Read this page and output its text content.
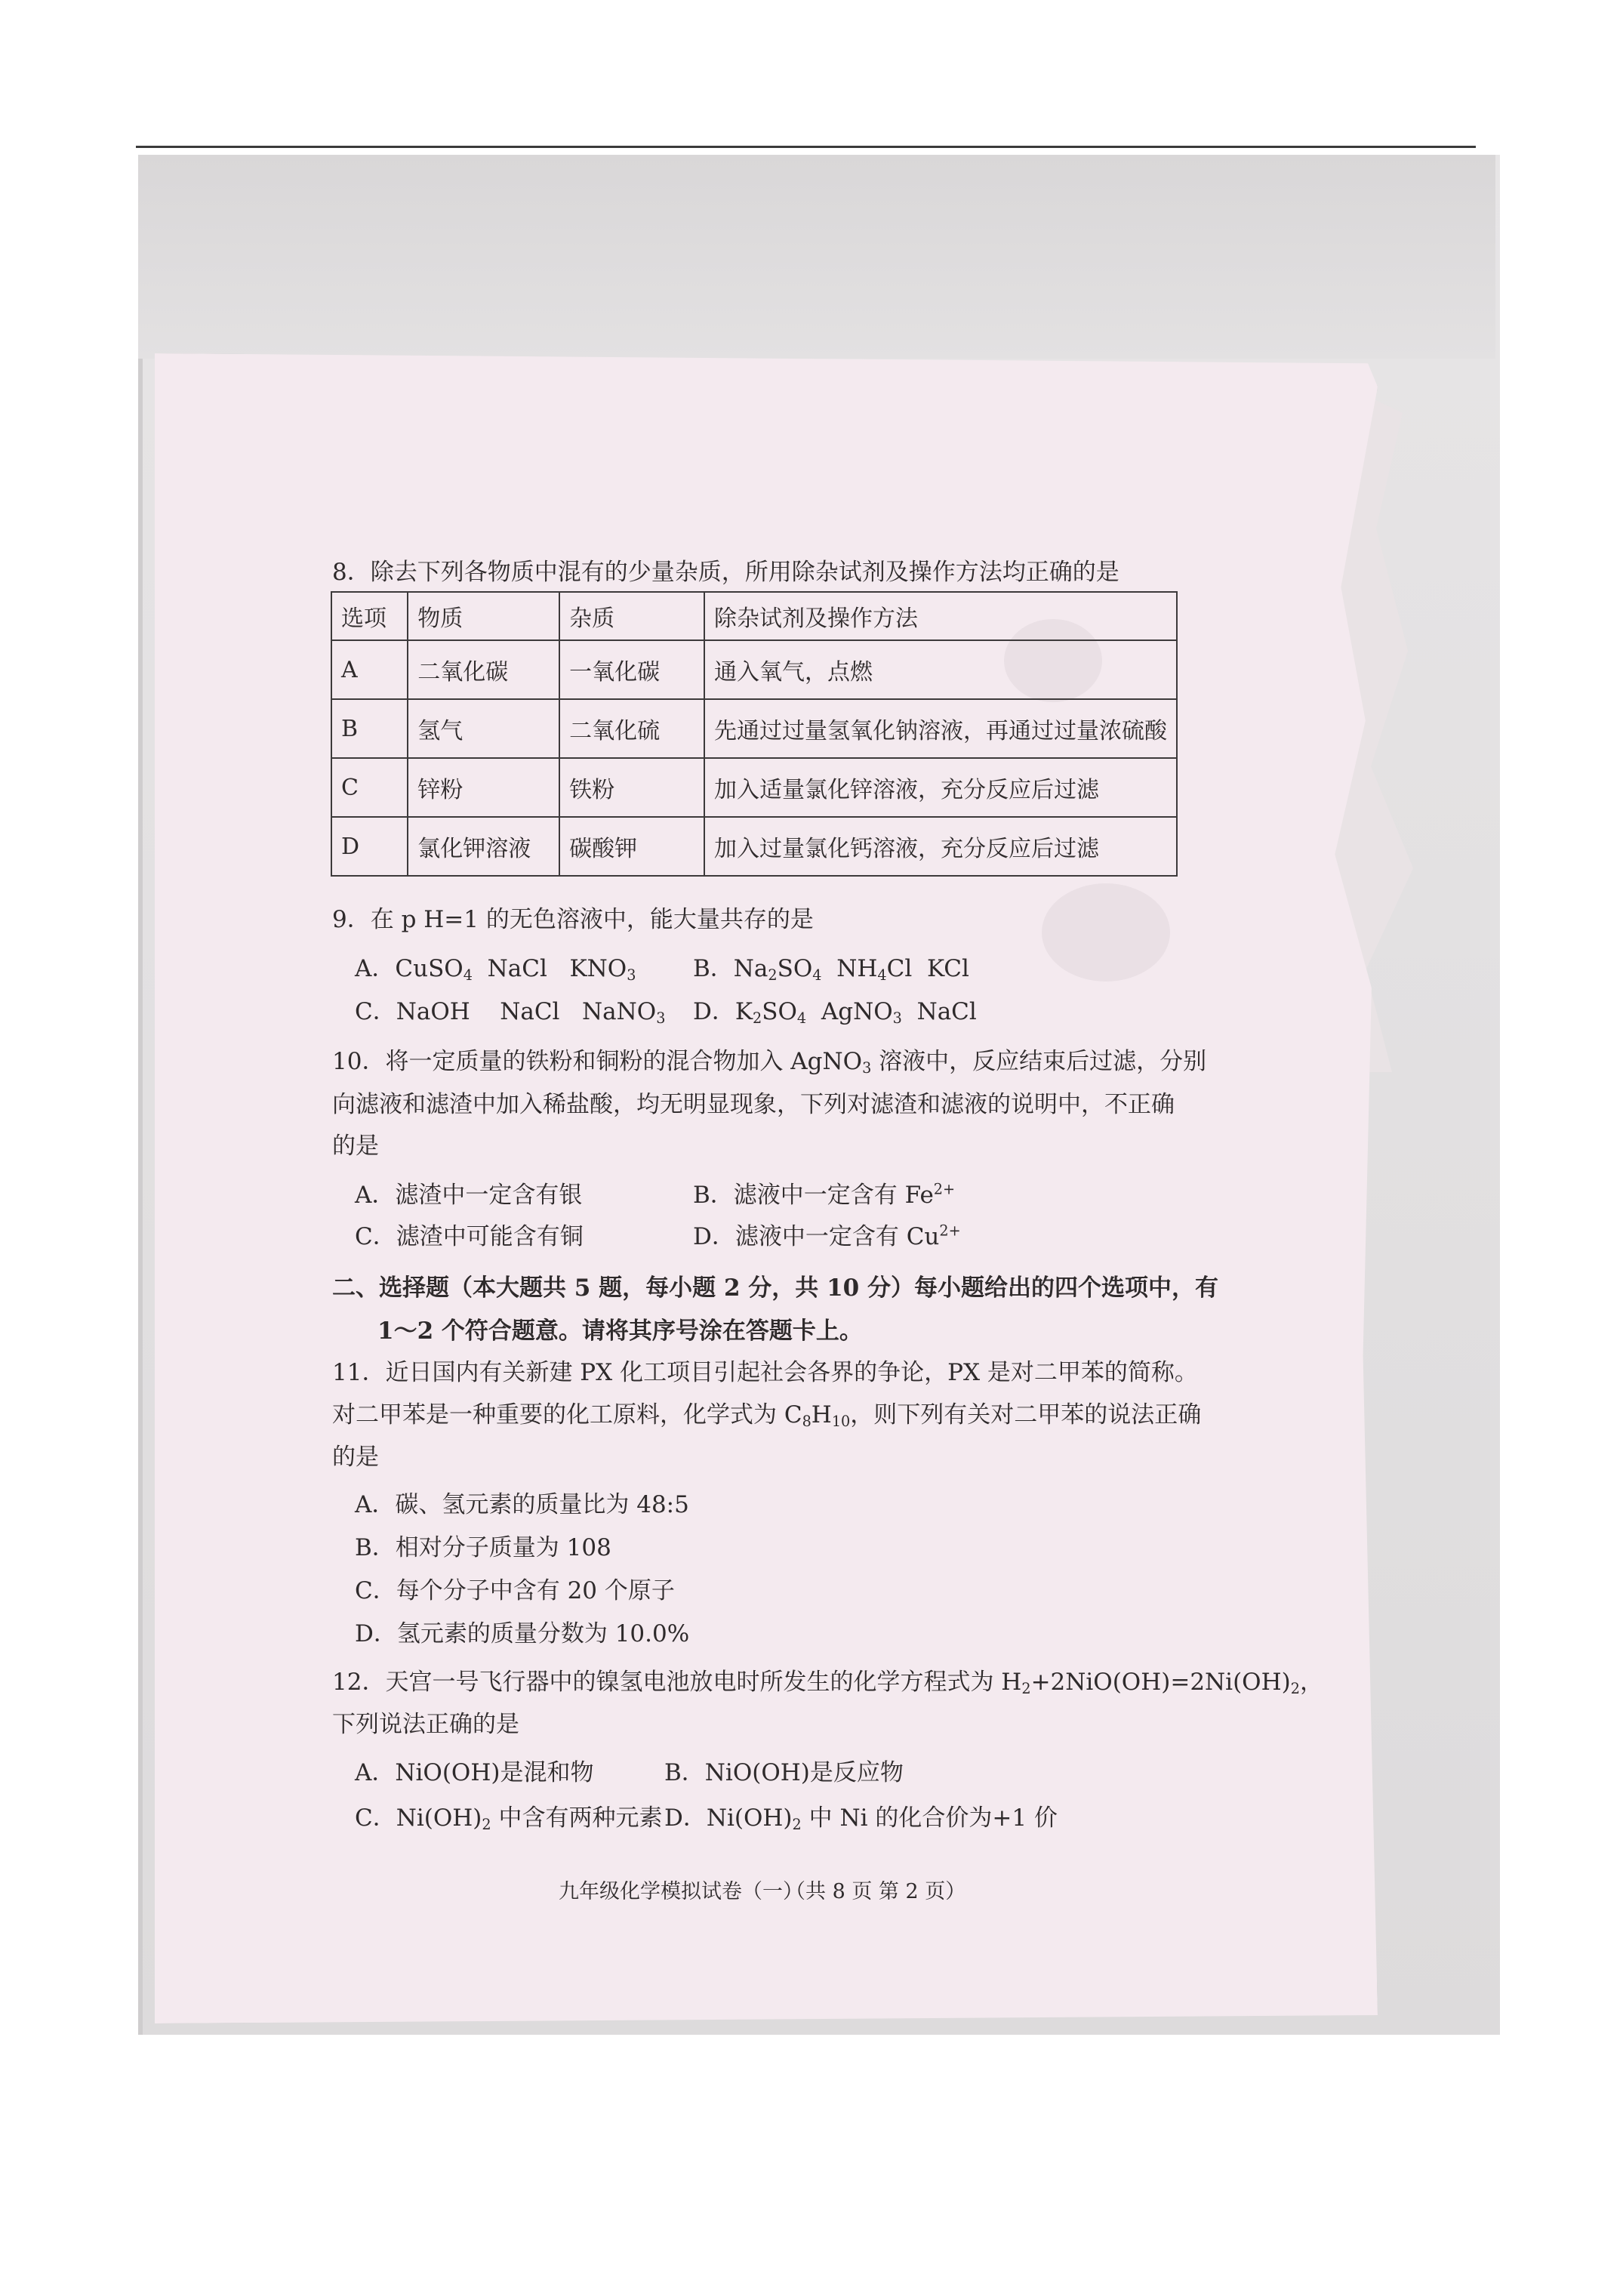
8．除去下列各物质中混有的少量杂质，所用除杂试剂及操作方法均正确的是
选项	物质	杂质	除杂试剂及操作方法
A	二氧化碳	一氧化碳	通入氧气，点燃
B	氢气	二氧化硫	先通过过量氢氧化钠溶液，再通过过量浓硫酸
C	锌粉	铁粉	加入适量氯化锌溶液，充分反应后过滤
D	氯化钾溶液	碳酸钾	加入过量氯化钙溶液，充分反应后过滤
9．在 p H=1 的无色溶液中，能大量共存的是
A．CuSO$_4$ NaCl $KNO_3$ B．$Na_2SO_4$ $NH_4Cl$ KCl
C．NaOH NaCl NaNO$_3$ D．$K_2SO_4$ AgNO$_3$ NaCl
10．将一定质量的铁粉和铜粉的混合物加入 AgNO$_3$ 溶液中，反应结束后过滤，分别
向滤液和滤渣中加入稀盐酸，均无明显现象，下列对滤渣和滤液的说明中，不正确
的是
A．滤渣中一定含有银	B．滤液中一定含有 $Fe^{2+}$
C．滤渣中可能含有铜	D．滤液中一定含有 $Cu^{2+}$
二、选择题（本大题共 5 题，每小题 2 分，共 10 分）每小题给出的四个选项中，有
1～2 个符合题意。请将其序号涂在答题卡上。
11．近日国内有关新建 PX 化工项目引起社会各界的争论，PX 是对二甲苯的简称。
对二甲苯是一种重要的化工原料，化学式为 $C_8H_{10}$，则下列有关对二甲苯的说法正确
的是
A．碳、氢元素的质量比为 48:5
B．相对分子质量为 108
C．每个分子中含有 20 个原子
D．氢元素的质量分数为 10.0%
12．天宫一号飞行器中的镍氢电池放电时所发生的化学方程式为 $H_2+2NiO(OH)=2Ni(OH)_2$，
下列说法正确的是
A．NiO(OH)是混和物	B．NiO(OH)是反应物
C．$Ni(OH)_2$ 中含有两种元素 D．$Ni(OH)_2$ 中 Ni 的化合价为+1 价
九年级化学模拟试卷（一）
（共 8 页 第 2 页）
